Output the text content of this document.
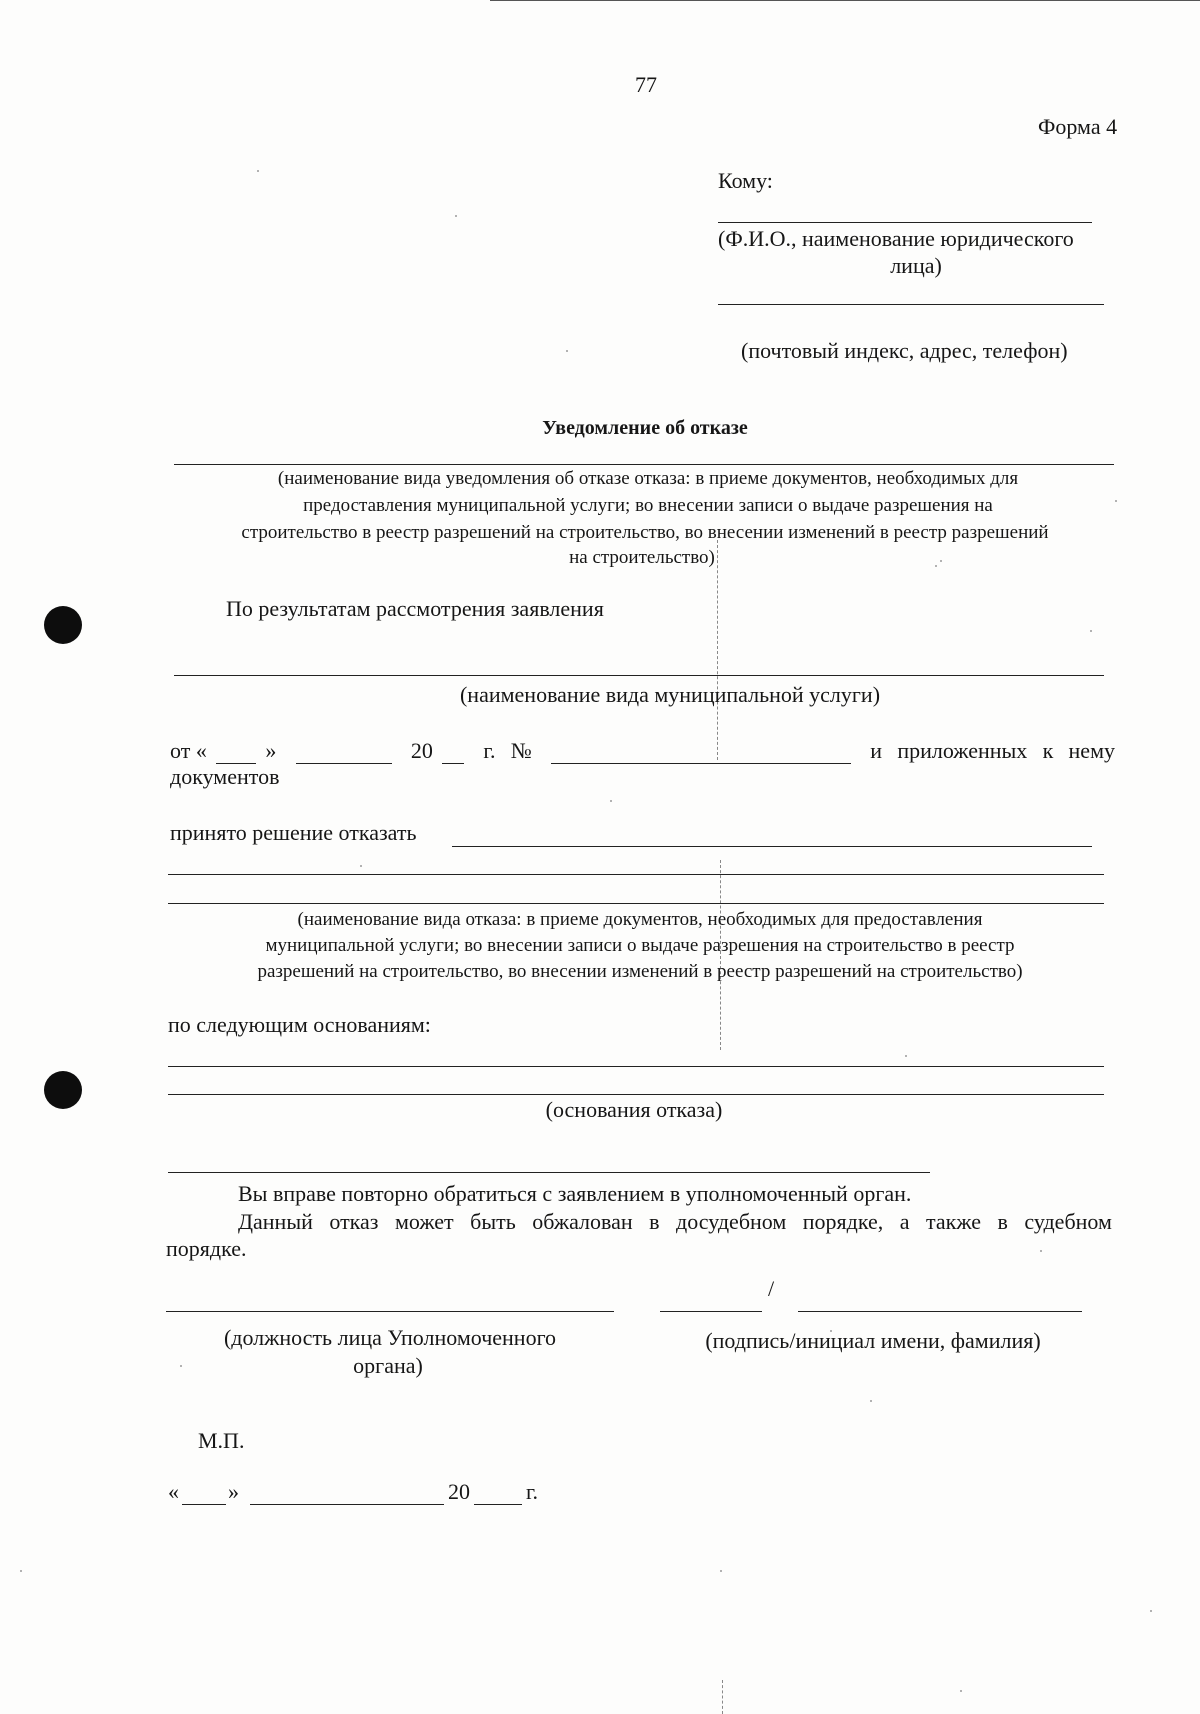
77
Форма 4
Кому:
(Ф.И.О., наименование юридического
лица)
(почтовый индекс, адрес, телефон)
Уведомление об отказе
(наименование вида уведомления об отказе отказа: в приеме документов, необходимых для
предоставления муниципальной услуги; во внесении записи о выдаче разрешения на
строительство в реестр разрешений на строительство, во внесении изменений в реестр разрешений
на строительство)
По результатам рассмотрения заявления
(наименование вида муниципальной услуги)
от «	»	20 г. №	и приложенных к нему
документов
принято решение отказать
(наименование вида отказа: в приеме документов, необходимых для предоставления
муниципальной услуги; во внесении записи о выдаче разрешения на строительство в реестр
разрешений на строительство, во внесении изменений в реестр разрешений на строительство)
по следующим основаниям:
(основания отказа)
Вы вправе повторно обратиться с заявлением в уполномоченный орган.
Данный отказ может быть обжалован в досудебном порядке, а также в судебном
порядке.
/
(должность лица Уполномоченного
органа)
(подпись/инициал имени, фамилия)
М.П.
« »	20	г.
